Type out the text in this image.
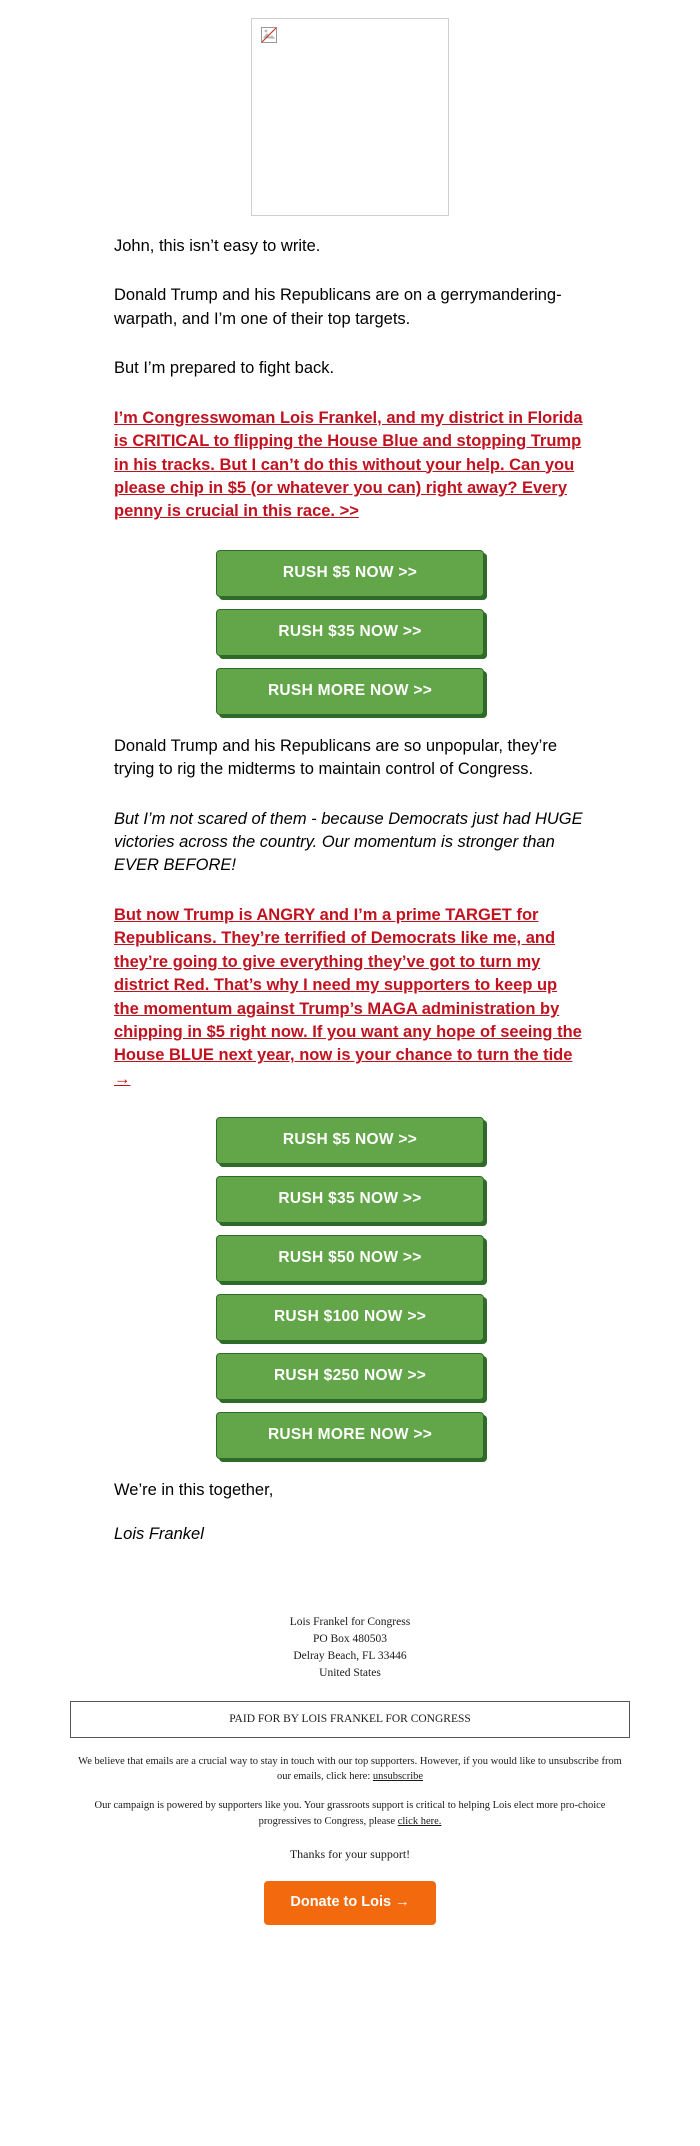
John, this isn’t easy to write.

Donald Trump and his Republicans are on a gerrymandering-warpath, and I’m one of their top targets.

But I’m prepared to fight back.

I’m Congresswoman Lois Frankel, and my district in Florida is CRITICAL to flipping the House Blue and stopping Trump in his tracks. But I can’t do this without your help. Can you please chip in $5 (or whatever you can) right away? Every penny is crucial in this race. >>
RUSH $5 NOW >>
RUSH $35 NOW >>
RUSH MORE NOW >>

Donald Trump and his Republicans are so unpopular, they’re trying to rig the midterms to maintain control of Congress.

But I’m not scared of them - because Democrats just had HUGE victories across the country. Our momentum is stronger than EVER BEFORE!

But now Trump is ANGRY and I’m a prime TARGET for Republicans. They’re terrified of Democrats like me, and they’re going to give everything they’ve got to turn my district Red. That’s why I need my supporters to keep up the momentum against Trump’s MAGA administration by chipping in $5 right now. If you want any hope of seeing the House BLUE next year, now is your chance to turn the tide →
RUSH $5 NOW >>
RUSH $35 NOW >>
RUSH $50 NOW >>
RUSH $100 NOW >>
RUSH $250 NOW >>
RUSH MORE NOW >>

We’re in this together,

Lois Frankel

Lois Frankel for Congress
PO Box 480503
Delray Beach, FL 33446
United States
PAID FOR BY LOIS FRANKEL FOR CONGRESS
We believe that emails are a crucial way to stay in touch with our top supporters. However, if you would like to unsubscribe from our emails, click here: unsubscribe
Our campaign is powered by supporters like you. Your grassroots support is critical to helping Lois elect more pro-choice progressives to Congress, please click here.
Thanks for your support!
Donate to Lois →
